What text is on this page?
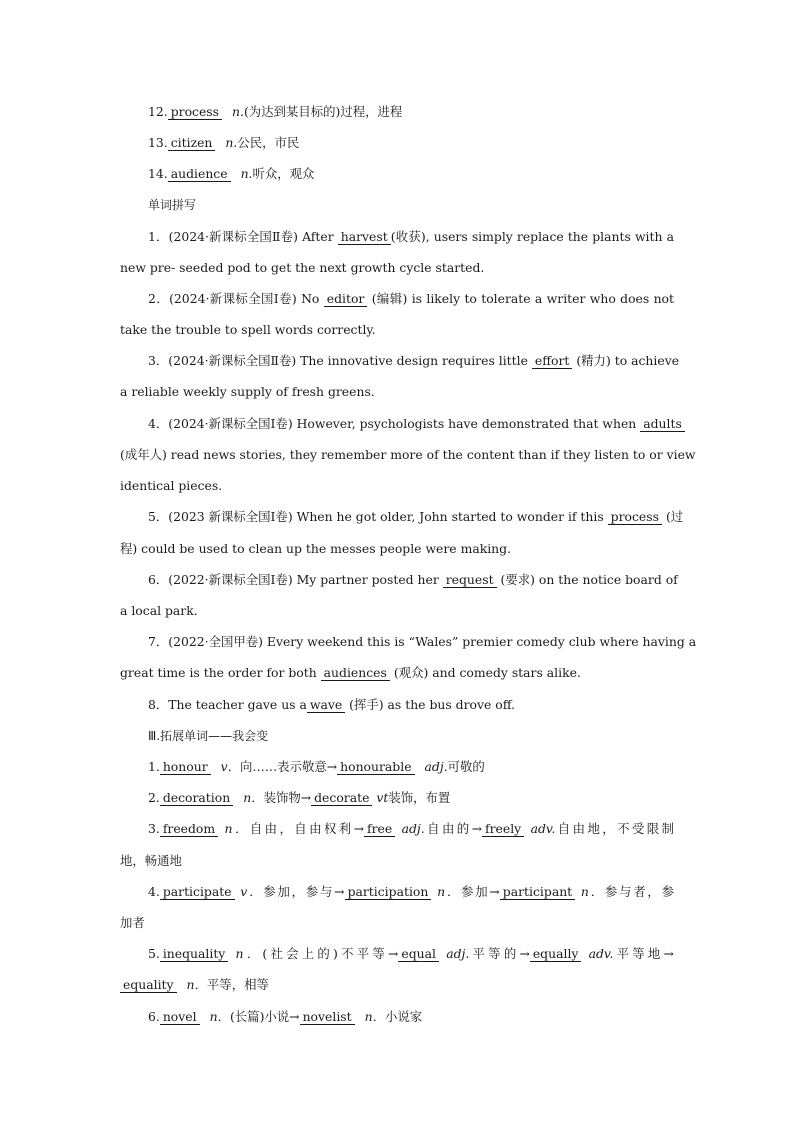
12. process n.(为达到某目标的)过程，进程
13. citizen n.公民，市民
14. audience n.听众，观众
单词拼写
1．(2024·新课标全国Ⅱ卷) After harvest (收获), users simply replace the plants with a
new pre- seeded pod to get the next growth cycle started.
2．(2024·新课标全国Ⅰ卷) No editor (编辑) is likely to tolerate a writer who does not
take the trouble to spell words correctly.
3．(2024·新课标全国Ⅱ卷) The innovative design requires little effort (精力) to achieve
a reliable weekly supply of fresh greens.
4．(2024·新课标全国Ⅰ卷) However, psychologists have demonstrated that when adults
(成年人) read news stories, they remember more of the content than if they listen to or view
identical pieces.
5．(2023 新课标全国Ⅰ卷) When he got older, John started to wonder if this process (过
程) could be used to clean up the messes people were making.
6．(2022·新课标全国Ⅰ卷) My partner posted her request (要求) on the notice board of
a local park.
7．(2022·全国甲卷) Every weekend this is “Wales” premier comedy club where having a
great time is the order for both audiences (观众) and comedy stars alike.
8．The teacher gave us a wave (挥手) as the bus drove off.
Ⅲ.拓展单词——我会变
1. honour v．向……表示敬意→ honourable adj.可敬的
2. decoration n．装饰物→ decorate vt装饰，布置
3. freedom n．自由，自由权利→ free adj.自由的→ freely adv.自由地，不受限制
地，畅通地
4. participate v．参加，参与→ participation n．参加→ participant n．参与者，参
加者
5. inequality n．(社会上的)不平等→ equal adj.平等的→ equally adv.平等地→
equality n．平等，相等
6. novel n．(长篇)小说→ novelist n．小说家
